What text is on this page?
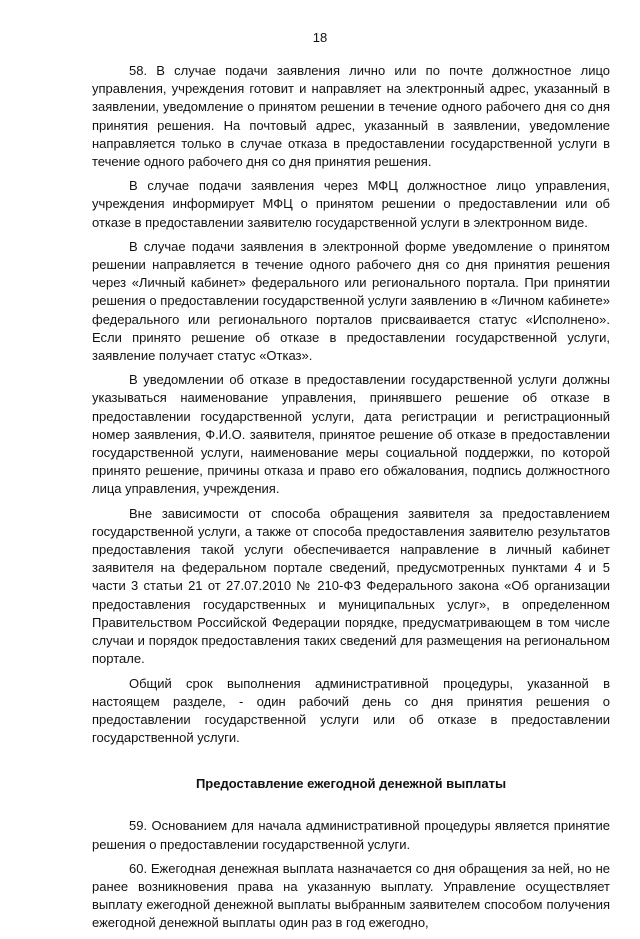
18

58. В случае подачи заявления лично или по почте должностное лицо управления, учреждения готовит и направляет на электронный адрес, указанный в заявлении, уведомление о принятом решении в течение одного рабочего дня со дня принятия решения. На почтовый адрес, указанный в заявлении, уведомление направляется только в случае отказа в предоставлении государственной услуги в течение одного рабочего дня со дня принятия решения.

В случае подачи заявления через МФЦ должностное лицо управления, учреждения информирует МФЦ о принятом решении о предоставлении или об отказе в предоставлении заявителю государственной услуги в электронном виде.

В случае подачи заявления в электронной форме уведомление о принятом решении направляется в течение одного рабочего дня со дня принятия решения через «Личный кабинет» федерального или регионального портала. При принятии решения о предоставлении государственной услуги заявлению в «Личном кабинете» федерального или регионального порталов присваивается статус «Исполнено». Если принято решение об отказе в предоставлении государственной услуги, заявление получает статус «Отказ».

В уведомлении об отказе в предоставлении государственной услуги должны указываться наименование управления, принявшего решение об отказе в предоставлении государственной услуги, дата регистрации и регистрационный номер заявления, Ф.И.О. заявителя, принятое решение об отказе в предоставлении государственной услуги, наименование меры социальной поддержки, по которой принято решение, причины отказа и право его обжалования, подпись должностного лица управления, учреждения.

Вне зависимости от способа обращения заявителя за предоставлением государственной услуги, а также от способа предоставления заявителю результатов предоставления такой услуги обеспечивается направление в личный кабинет заявителя на федеральном портале сведений, предусмотренных пунктами 4 и 5 части 3 статьи 21 от 27.07.2010 № 210-ФЗ Федерального закона «Об организации предоставления государственных и муниципальных услуг», в определенном Правительством Российской Федерации порядке, предусматривающем в том числе случаи и порядок предоставления таких сведений для размещения на региональном портале.

Общий срок выполнения административной процедуры, указанной в настоящем разделе, - один рабочий день со дня принятия решения о предоставлении государственной услуги или об отказе в предоставлении государственной услуги.

Предоставление ежегодной денежной выплаты

59. Основанием для начала административной процедуры является принятие решения о предоставлении государственной услуги.

60. Ежегодная денежная выплата назначается со дня обращения за ней, но не ранее возникновения права на указанную выплату. Управление осуществляет выплату ежегодной денежной выплаты выбранным заявителем способом получения ежегодной денежной выплаты один раз в год ежегодно,
